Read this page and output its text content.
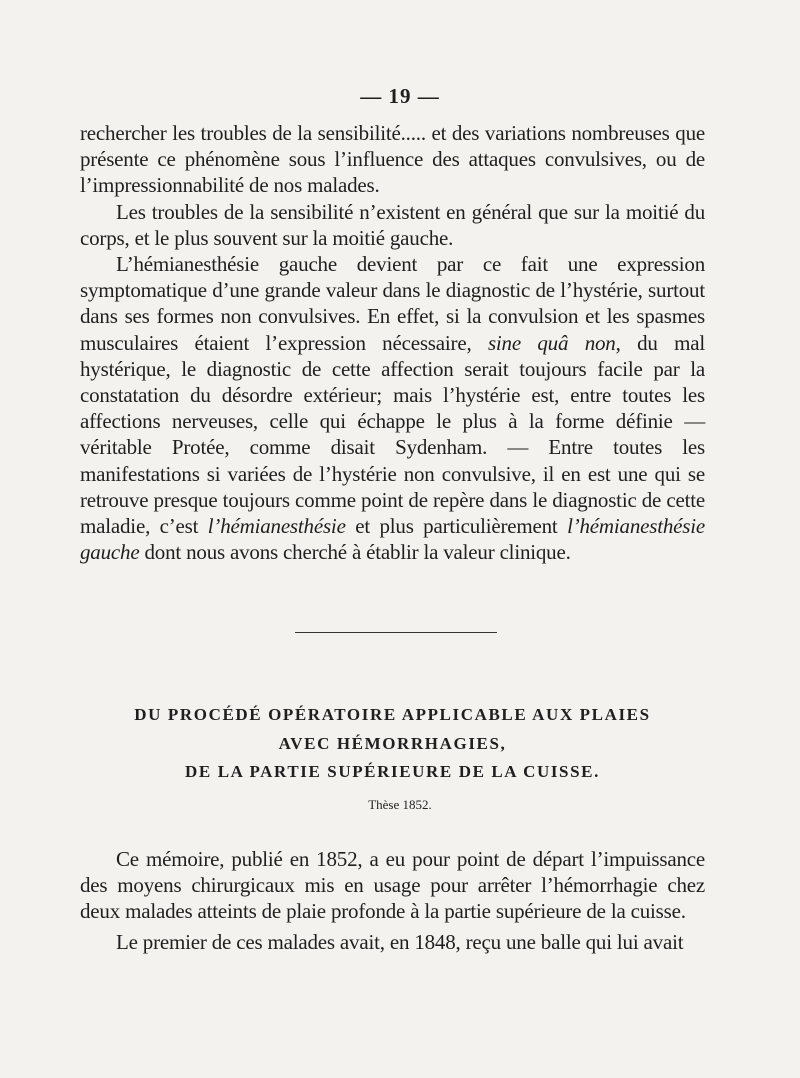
— 19 —

rechercher les troubles de la sensibilité..... et des variations nombreuses que présente ce phénomène sous l’influence des attaques convulsives, ou de l’impressionnabilité de nos malades.

Les troubles de la sensibilité n’existent en général que sur la moitié du corps, et le plus souvent sur la moitié gauche.

L’hémianesthésie gauche devient par ce fait une expression symptomatique d’une grande valeur dans le diagnostic de l’hystérie, surtout dans ses formes non convulsives. En effet, si la convulsion et les spasmes musculaires étaient l’expression nécessaire, sine quâ non, du mal hystérique, le diagnostic de cette affection serait toujours facile par la constatation du désordre extérieur; mais l’hystérie est, entre toutes les affections nerveuses, celle qui échappe le plus à la forme définie — véritable Protée, comme disait Sydenham. — Entre toutes les manifestations si variées de l’hystérie non convulsive, il en est une qui se retrouve presque toujours comme point de repère dans le diagnostic de cette maladie, c’est l’hémianesthésie et plus particulièrement l’hémianesthésie gauche dont nous avons cherché à établir la valeur clinique.

DU PROCÉDÉ OPÉRATOIRE APPLICABLE AUX PLAIES
AVEC HÉMORRHAGIES,
DE LA PARTIE SUPÉRIEURE DE LA CUISSE.
Thèse 1852.

Ce mémoire, publié en 1852, a eu pour point de départ l’impuissance des moyens chirurgicaux mis en usage pour arrêter l’hémorrhagie chez deux malades atteints de plaie profonde à la partie supérieure de la cuisse.

Le premier de ces malades avait, en 1848, reçu une balle qui lui avait
